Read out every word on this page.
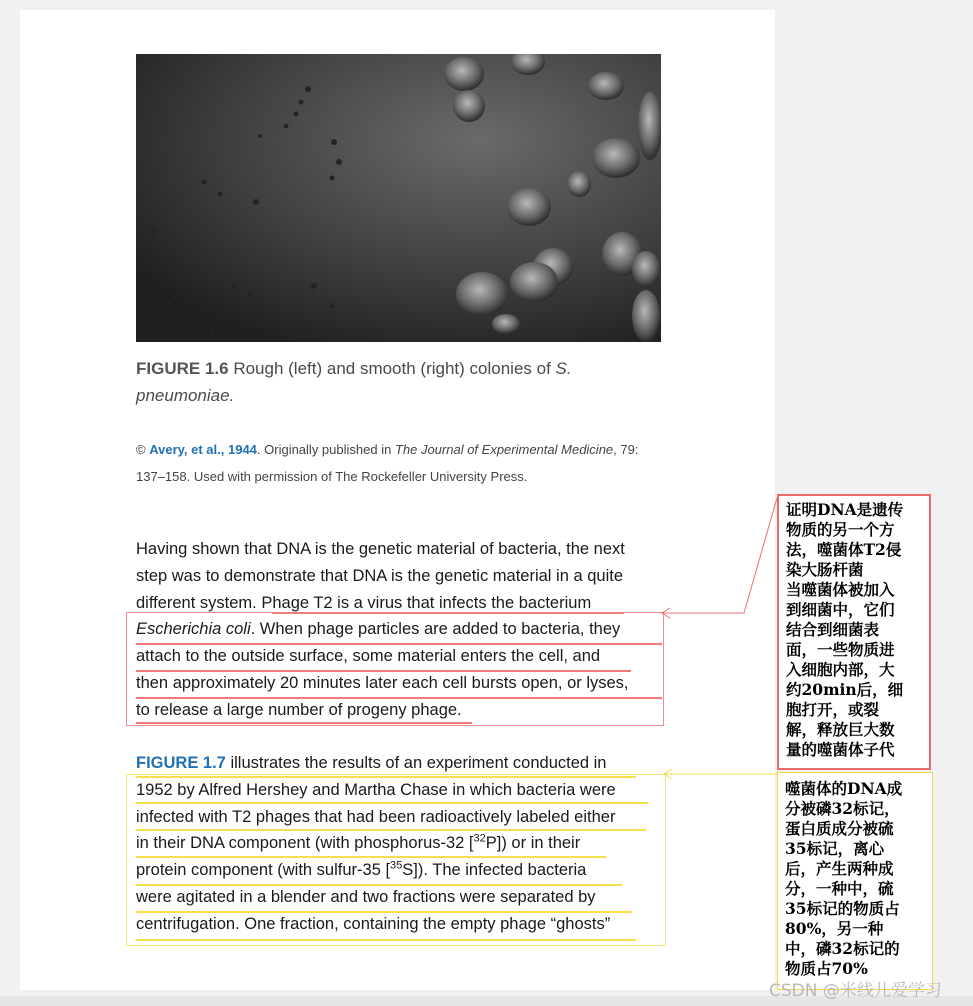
FIGURE 1.6 Rough (left) and smooth (right) colonies of S.
pneumoniae.
© Avery, et al., 1944. Originally published in The Journal of Experimental Medicine, 79:
137–158. Used with permission of The Rockefeller University Press.
Having shown that DNA is the genetic material of bacteria, the next
step was to demonstrate that DNA is the genetic material in a quite
different system. Phage T2 is a virus that infects the bacterium
Escherichia coli. When phage particles are added to bacteria, they
attach to the outside surface, some material enters the cell, and
then approximately 20 minutes later each cell bursts open, or lyses,
to release a large number of progeny phage.
FIGURE 1.7 illustrates the results of an experiment conducted in
1952 by Alfred Hershey and Martha Chase in which bacteria were
infected with T2 phages that had been radioactively labeled either
in their DNA component (with phosphorus-32 [$^{32}$P]) or in their
protein component (with sulfur-35 [$^{35}$S]). The infected bacteria
were agitated in a blender and two fractions were separated by
centrifugation. One fraction, containing the empty phage “ghosts”
证明DNA是遗传
物质的另一个方
法，噬菌体T2侵
染大肠杆菌
当噬菌体被加入
到细菌中，它们
结合到细菌表
面，一些物质进
入细胞内部，大
约20min后，细
胞打开，或裂
解，释放巨大数
量的噬菌体子代
噬菌体的DNA成
分被磷32标记，
蛋白质成分被硫
35标记，离心
后，产生两种成
分，一种中，硫
35标记的物质占
80%，另一种
中，磷32标记的
物质占70%
CSDN @米线儿爱学习
